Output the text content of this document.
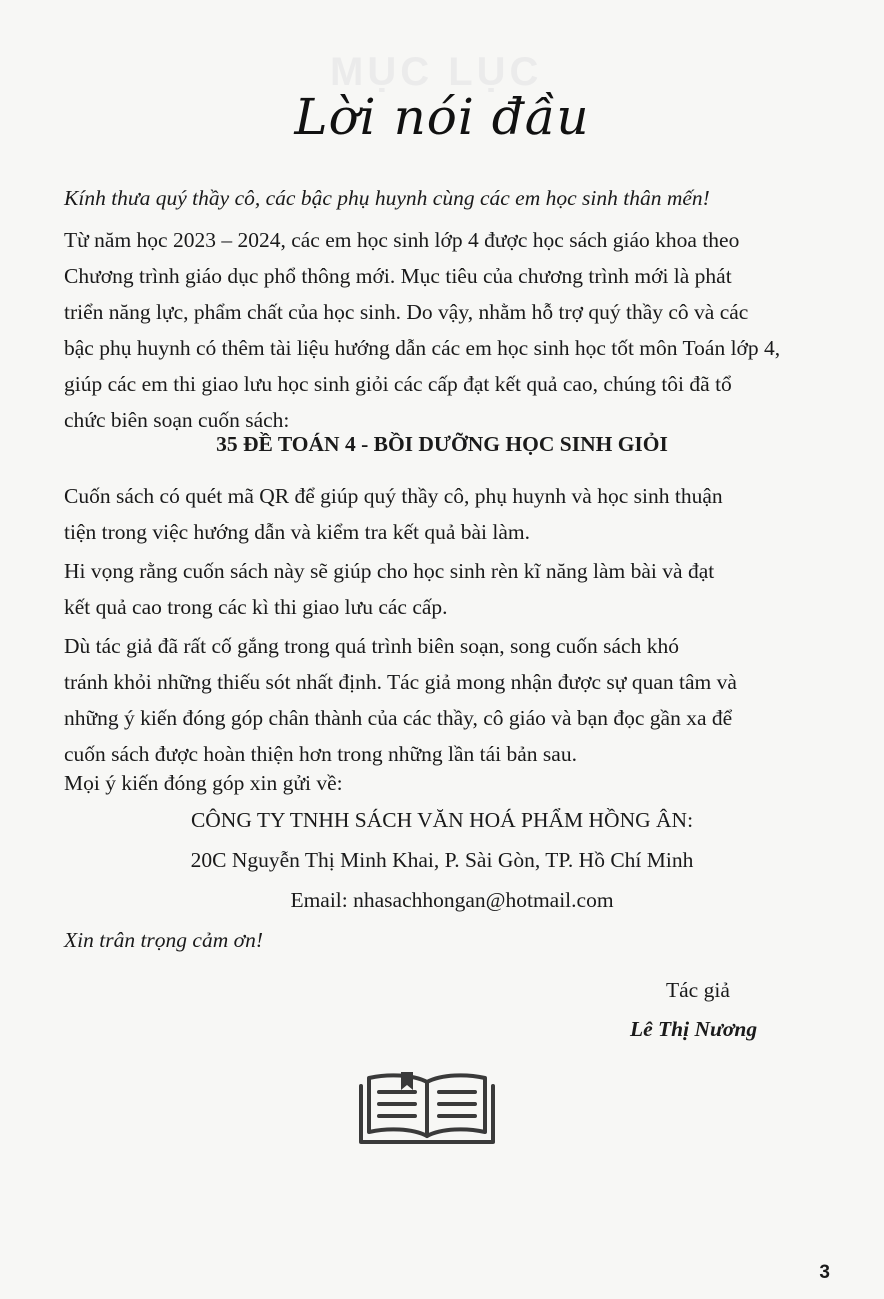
MỤC LỤC
Lời nói đầu
Kính thưa quý thầy cô, các bậc phụ huynh cùng các em học sinh thân mến!
Từ năm học 2023 – 2024, các em học sinh lớp 4 được học sách giáo khoa theo
Chương trình giáo dục phổ thông mới. Mục tiêu của chương trình mới là phát
triển năng lực, phẩm chất của học sinh. Do vậy, nhằm hỗ trợ quý thầy cô và các
bậc phụ huynh có thêm tài liệu hướng dẫn các em học sinh học tốt môn Toán lớp 4,
giúp các em thi giao lưu học sinh giỏi các cấp đạt kết quả cao, chúng tôi đã tổ
chức biên soạn cuốn sách:
35 ĐỀ TOÁN 4 - BỒI DƯỠNG HỌC SINH GIỎI
Cuốn sách có quét mã QR để giúp quý thầy cô, phụ huynh và học sinh thuận
tiện trong việc hướng dẫn và kiểm tra kết quả bài làm.
Hi vọng rằng cuốn sách này sẽ giúp cho học sinh rèn kĩ năng làm bài và đạt
kết quả cao trong các kì thi giao lưu các cấp.
Dù tác giả đã rất cố gắng trong quá trình biên soạn, song cuốn sách khó
tránh khỏi những thiếu sót nhất định. Tác giả mong nhận được sự quan tâm và
những ý kiến đóng góp chân thành của các thầy, cô giáo và bạn đọc gần xa để
cuốn sách được hoàn thiện hơn trong những lần tái bản sau.
Mọi ý kiến đóng góp xin gửi về:
CÔNG TY TNHH SÁCH VĂN HOÁ PHẨM HỒNG ÂN:
20C Nguyễn Thị Minh Khai, P. Sài Gòn, TP. Hồ Chí Minh
Email: nhasachhongan@hotmail.com
Xin trân trọng cảm ơn!
Tác giả
Lê Thị Nương
3
